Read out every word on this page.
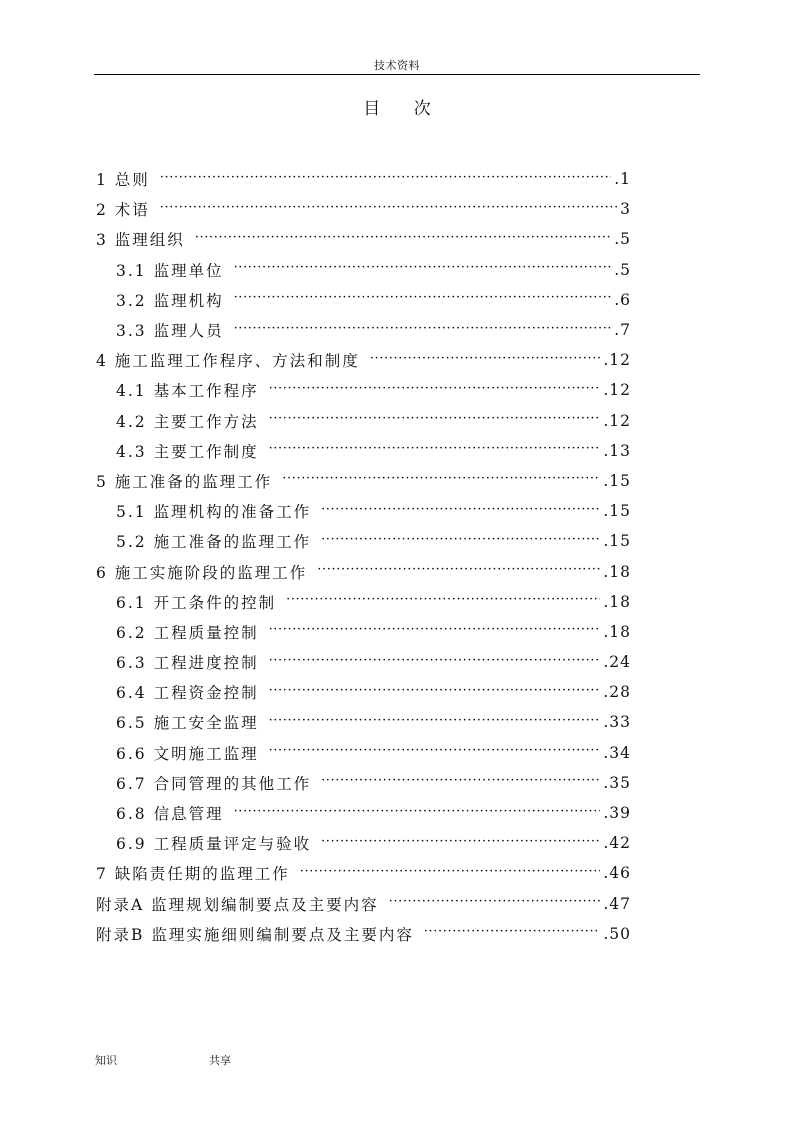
技术资料
目 次
1 总则 ·····	.1
2 术语 ·····	3
3 监理组织 ·····	.5
3.1 监理单位 ·····	.5
3.2 监理机构 ·····	.6
3.3 监理人员 ·····	.7
4 施工监理工作程序、方法和制度 ·····	.12
4.1 基本工作程序 ·····	.12
4.2 主要工作方法 ·····	.12
4.3 主要工作制度 ·····	.13
5 施工准备的监理工作 ·····	.15
5.1 监理机构的准备工作 ·····	.15
5.2 施工准备的监理工作 ·····	.15
6 施工实施阶段的监理工作 ·····	.18
6.1 开工条件的控制 ·····	.18
6.2 工程质量控制 ·····	.18
6.3 工程进度控制 ·····	.24
6.4 工程资金控制 ·····	.28
6.5 施工安全监理 ·····	.33
6.6 文明施工监理 ·····	.34
6.7 合同管理的其他工作 ·····	.35
6.8 信息管理 ·····	.39
6.9 工程质量评定与验收 ·····	.42
7 缺陷责任期的监理工作 ·····	.46
附录A 监理规划编制要点及主要内容 ·····	.47
附录B 监理实施细则编制要点及主要内容 ·····	.50
知识	共享
